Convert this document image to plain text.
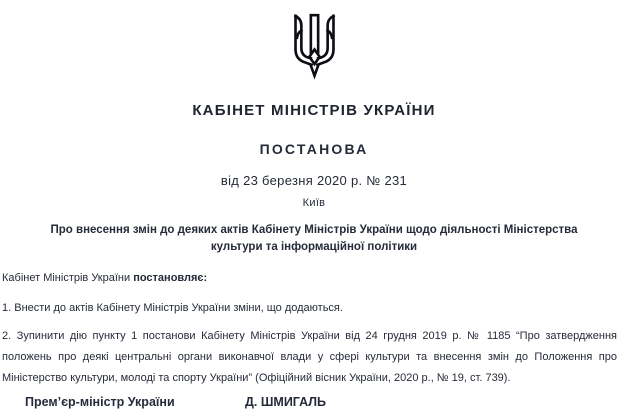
КАБІНЕТ МІНІСТРІВ УКРАЇНИ
ПОСТАНОВА
від 23 березня 2020 р. № 231
Київ
Про внесення змін до деяких актів Кабінету Міністрів України щодо діяльності Міністерства
культури та інформаційної політики

Кабінет Міністрів України постановляє:

1. Внести до актів Кабінету Міністрів України зміни, що додаються.

2. Зупинити дію пункту 1 постанови Кабінету Міністрів України від 24 грудня 2019 р. № 1185 “Про затвердження положень про деякі центральні органи виконавчої влади у сфері культури та внесення змін до Положення про Міністерство культури, молоді та спорту України” (Офіційний вісник України, 2020 р., № 19, ст. 739).

Прем’єр-міністр України	Д. ШМИГАЛЬ
